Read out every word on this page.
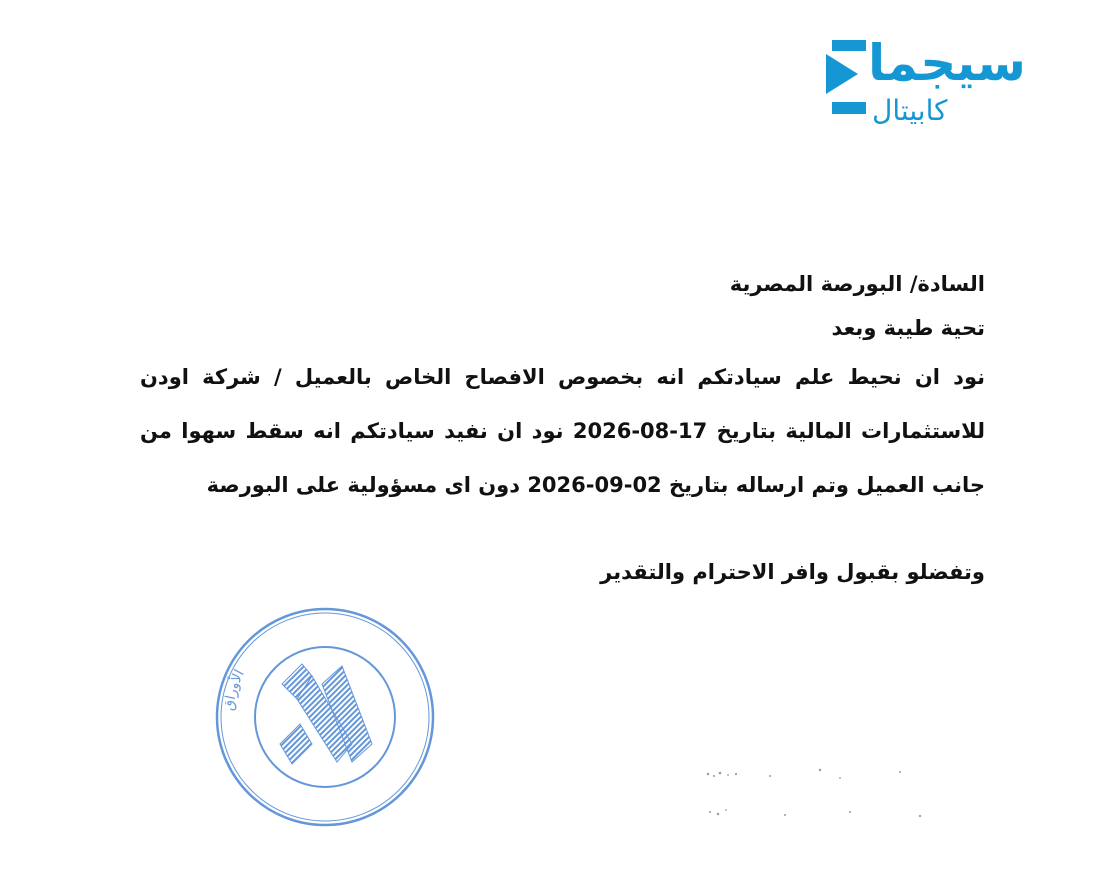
سيجما
كابيتال

السادة/ البورصة المصرية

تحية طيبة وبعد

نود ان نحيط علم سيادتكم انه بخصوص الافصاح الخاص بالعميل / شركة اودن للاستثمارات المالية بتاريخ 17-08-2026 نود ان نفيد سيادتكم انه سقط سهوا من جانب العميل وتم ارساله بتاريخ 02-09-2026 دون اى مسؤولية على البورصة

وتفضلو بقبول وافر الاحترام والتقدير

الأوراق
